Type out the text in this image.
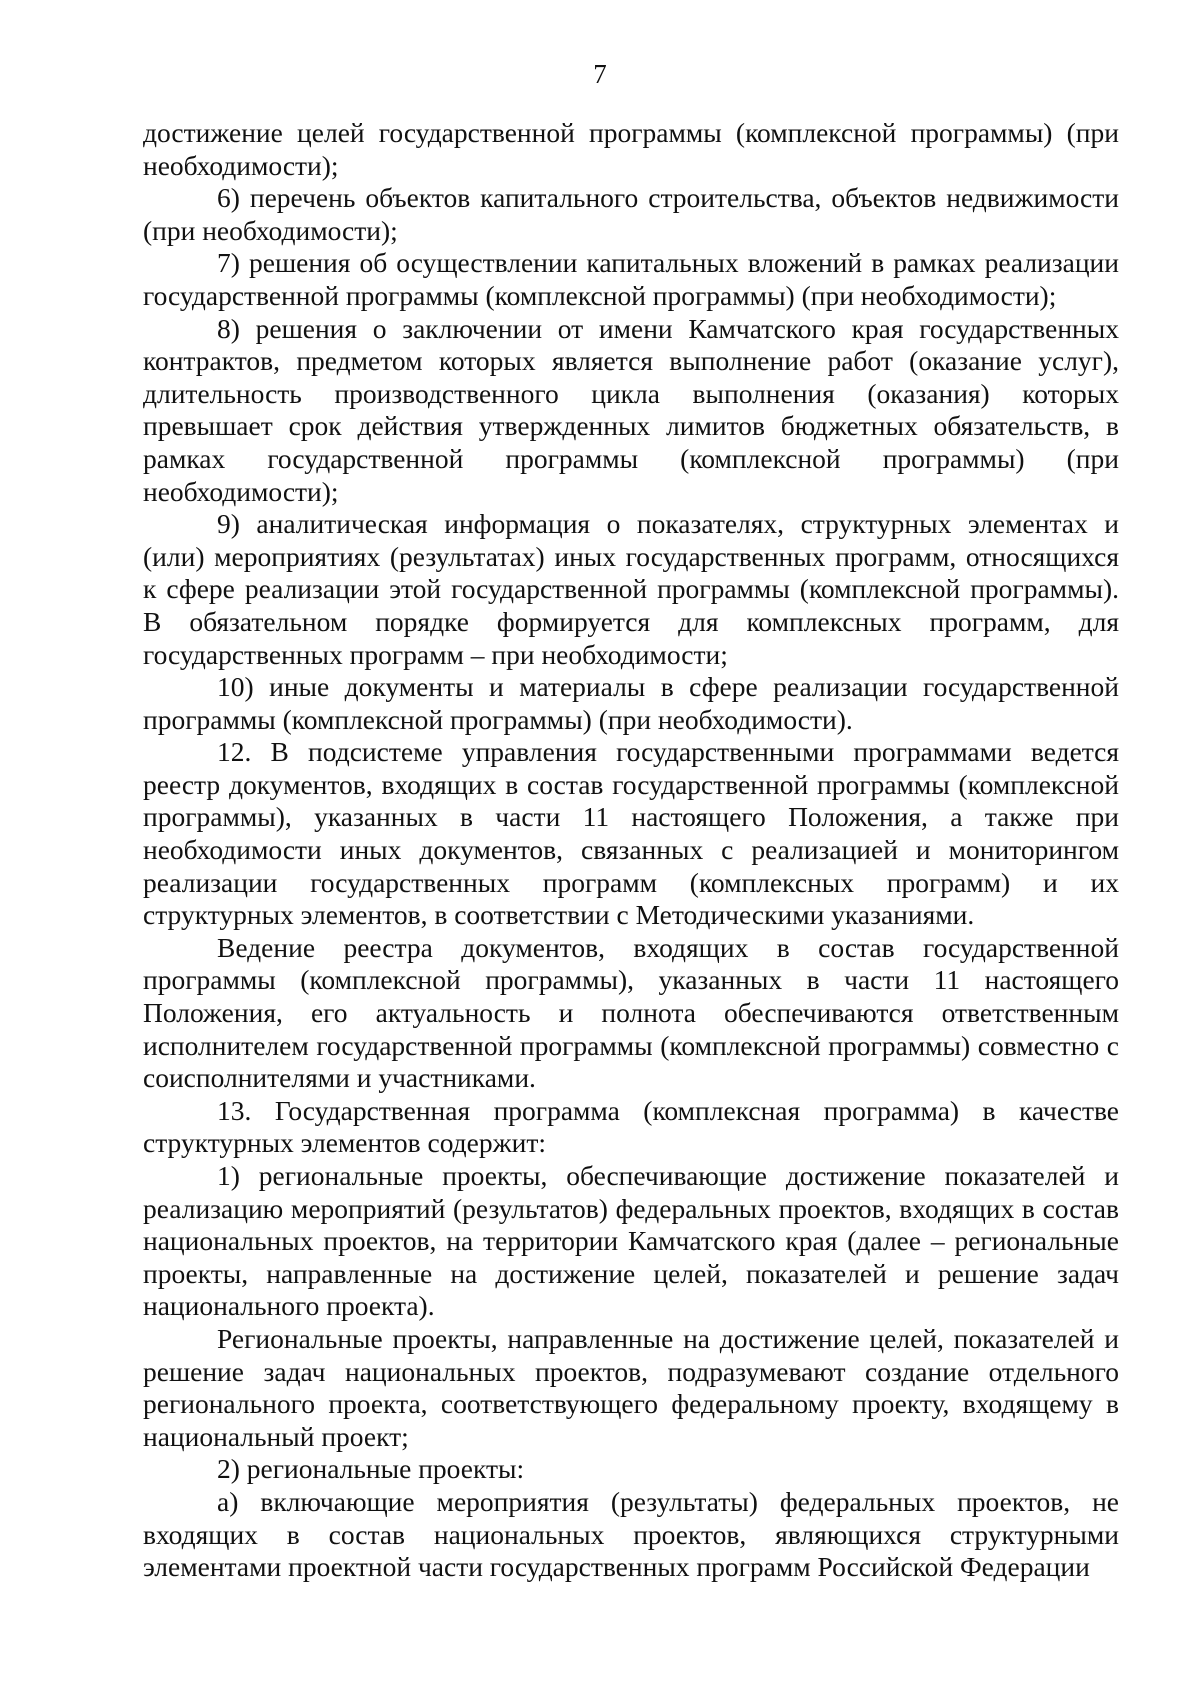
7

достижение целей государственной программы (комплексной программы) (при необходимости);

6) перечень объектов капитального строительства, объектов недвижимости (при необходимости);

7) решения об осуществлении капитальных вложений в рамках реализации государственной программы (комплексной программы) (при необходимости);

8) решения о заключении от имени Камчатского края государственных контрактов, предметом которых является выполнение работ (оказание услуг), длительность производственного цикла выполнения (оказания) которых превышает срок действия утвержденных лимитов бюджетных обязательств, в рамках государственной программы (комплексной программы) (при необходимости);

9) аналитическая информация о показателях, структурных элементах и (или) мероприятиях (результатах) иных государственных программ, относящихся к сфере реализации этой государственной программы (комплексной программы). В обязательном порядке формируется для комплексных программ, для государственных программ – при необходимости;

10) иные документы и материалы в сфере реализации государственной программы (комплексной программы) (при необходимости).

12. В подсистеме управления государственными программами ведется реестр документов, входящих в состав государственной программы (комплексной программы), указанных в части 11 настоящего Положения, а также при необходимости иных документов, связанных с реализацией и мониторингом реализации государственных программ (комплексных программ) и их структурных элементов, в соответствии с Методическими указаниями.

Ведение реестра документов, входящих в состав государственной программы (комплексной программы), указанных в части 11 настоящего Положения, его актуальность и полнота обеспечиваются ответственным исполнителем государственной программы (комплексной программы) совместно с соисполнителями и участниками.

13. Государственная программа (комплексная программа) в качестве структурных элементов содержит:

1) региональные проекты, обеспечивающие достижение показателей и реализацию мероприятий (результатов) федеральных проектов, входящих в состав национальных проектов, на территории Камчатского края (далее – региональные проекты, направленные на достижение целей, показателей и решение задач национального проекта).

Региональные проекты, направленные на достижение целей, показателей и решение задач национальных проектов, подразумевают создание отдельного регионального проекта, соответствующего федеральному проекту, входящему в национальный проект;

2) региональные проекты:

а) включающие мероприятия (результаты) федеральных проектов, не входящих в состав национальных проектов, являющихся структурными элементами проектной части государственных программ Российской Федерации
